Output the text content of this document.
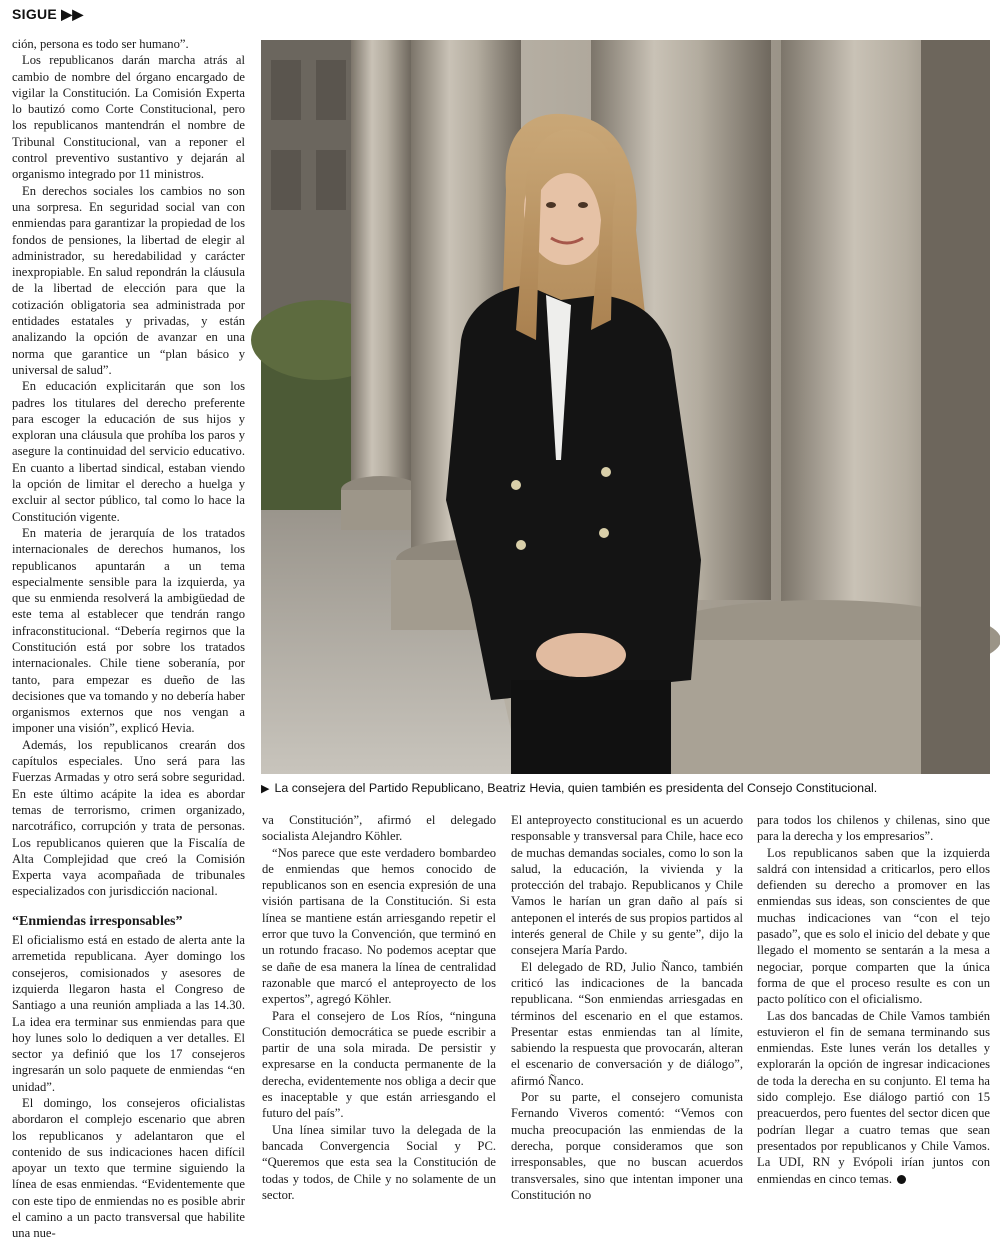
SIGUE ▶▶

ción, persona es todo ser humano”.

Los republicanos darán marcha atrás al cambio de nombre del órgano encargado de vigilar la Constitución. La Comisión Experta lo bautizó como Corte Constitucional, pero los republicanos mantendrán el nombre de Tribunal Constitucional, van a reponer el control preventivo sustantivo y dejarán al organismo integrado por 11 ministros.

En derechos sociales los cambios no son una sorpresa. En seguridad social van con enmiendas para garantizar la propiedad de los fondos de pensiones, la libertad de elegir al administrador, su heredabilidad y carácter inexpropiable. En salud repondrán la cláusula de la libertad de elección para que la cotización obligatoria sea administrada por entidades estatales y privadas, y están analizando la opción de avanzar en una norma que garantice un “plan básico y universal de salud”.

En educación explicitarán que son los padres los titulares del derecho preferente para escoger la educación de sus hijos y exploran una cláusula que prohíba los paros y asegure la continuidad del servicio educativo. En cuanto a libertad sindical, estaban viendo la opción de limitar el derecho a huelga y excluir al sector público, tal como lo hace la Constitución vigente.

En materia de jerarquía de los tratados internacionales de derechos humanos, los republicanos apuntarán a un tema especialmente sensible para la izquierda, ya que su enmienda resolverá la ambigüedad de este tema al establecer que tendrán rango infraconstitucional. “Debería regirnos que la Constitución está por sobre los tratados internacionales. Chile tiene soberanía, por tanto, para empezar es dueño de las decisiones que va tomando y no debería haber organismos externos que nos vengan a imponer una visión”, explicó Hevia.

Además, los republicanos crearán dos capítulos especiales. Uno será para las Fuerzas Armadas y otro será sobre seguridad. En este último acápite la idea es abordar temas de terrorismo, crimen organizado, narcotráfico, corrupción y trata de personas. Los republicanos quieren que la Fiscalía de Alta Complejidad que creó la Comisión Experta vaya acompañada de tribunales especializados con jurisdicción nacional.

“Enmiendas irresponsables”

El oficialismo está en estado de alerta ante la arremetida republicana. Ayer domingo los consejeros, comisionados y asesores de izquierda llegaron hasta el Congreso de Santiago a una reunión ampliada a las 14.30. La idea era terminar sus enmiendas para que hoy lunes solo lo dediquen a ver detalles. El sector ya definió que los 17 consejeros ingresarán un solo paquete de enmiendas “en unidad”.

El domingo, los consejeros oficialistas abordaron el complejo escenario que abren los republicanos y adelantaron que el contenido de sus indicaciones hacen difícil apoyar un texto que termine siguiendo la línea de esas enmiendas. “Evidentemente que con este tipo de enmiendas no es posible abrir el camino a un pacto transversal que habilite una nue-

▶ La consejera del Partido Republicano, Beatriz Hevia, quien también es presidenta del Consejo Constitucional.

va Constitución”, afirmó el delegado socialista Alejandro Köhler.

“Nos parece que este verdadero bombardeo de enmiendas que hemos conocido de republicanos son en esencia expresión de una visión partisana de la Constitución. Si esta línea se mantiene están arriesgando repetir el error que tuvo la Convención, que terminó en un rotundo fracaso. No podemos aceptar que se dañe de esa manera la línea de centralidad razonable que marcó el anteproyecto de los expertos”, agregó Köhler.

Para el consejero de Los Ríos, “ninguna Constitución democrática se puede escribir a partir de una sola mirada. De persistir y expresarse en la conducta permanente de la derecha, evidentemente nos obliga a decir que es inaceptable y que están arriesgando el futuro del país”.

Una línea similar tuvo la delegada de la bancada Convergencia Social y PC. “Queremos que esta sea la Constitución de todas y todos, de Chile y no solamente de un sector.

El anteproyecto constitucional es un acuerdo responsable y transversal para Chile, hace eco de muchas demandas sociales, como lo son la salud, la educación, la vivienda y la protección del trabajo. Republicanos y Chile Vamos le harían un gran daño al país si anteponen el interés de sus propios partidos al interés general de Chile y su gente”, dijo la consejera María Pardo.

El delegado de RD, Julio Ñanco, también criticó las indicaciones de la bancada republicana. “Son enmiendas arriesgadas en términos del escenario en el que estamos. Presentar estas enmiendas tan al límite, sabiendo la respuesta que provocarán, alteran el escenario de conversación y de diálogo”, afirmó Ñanco.

Por su parte, el consejero comunista Fernando Viveros comentó: “Vemos con mucha preocupación las enmiendas de la derecha, porque consideramos que son irresponsables, que no buscan acuerdos transversales, sino que intentan imponer una Constitución no

para todos los chilenos y chilenas, sino que para la derecha y los empresarios”.

Los republicanos saben que la izquierda saldrá con intensidad a criticarlos, pero ellos defienden su derecho a promover en las enmiendas sus ideas, son conscientes de que muchas indicaciones van “con el tejo pasado”, que es solo el inicio del debate y que llegado el momento se sentarán a la mesa a negociar, porque comparten que la única forma de que el proceso resulte es con un pacto político con el oficialismo.

Las dos bancadas de Chile Vamos también estuvieron el fin de semana terminando sus enmiendas. Este lunes verán los detalles y explorarán la opción de ingresar indicaciones de toda la derecha en su conjunto. El tema ha sido complejo. Ese diálogo partió con 15 preacuerdos, pero fuentes del sector dicen que podrían llegar a cuatro temas que sean presentados por republicanos y Chile Vamos. La UDI, RN y Evópoli irían juntos con enmiendas en cinco temas.
